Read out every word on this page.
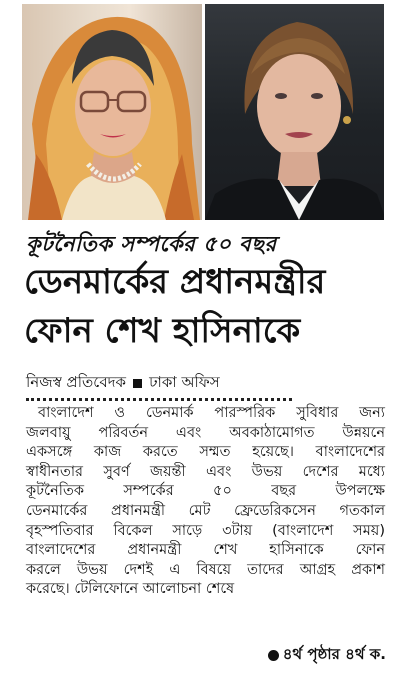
কূটনৈতিক সম্পর্কের ৫০ বছর
ডেনমার্কের প্রধানমন্ত্রীর
ফোন শেখ হাসিনাকে
নিজস্ব প্রতিবেদক ঢাকা অফিস
বাংলাদেশ ও ডেনমার্ক পারস্পরিক সুবিধার জন্য
জলবায়ু পরিবর্তন এবং অবকাঠামোগত উন্নয়নে
একসঙ্গে কাজ করতে সম্মত হয়েছে। বাংলাদেশের
স্বাধীনতার সুবর্ণ জয়ন্তী এবং উভয় দেশের মধ্যে
কূটনৈতিক সম্পর্কের ৫০ বছর উপলক্ষে
ডেনমার্কের প্রধানমন্ত্রী মেট ফ্রেডেরিকসেন গতকাল
বৃহস্পতিবার বিকেল সাড়ে ৩টায় (বাংলাদেশ সময়)
বাংলাদেশের প্রধানমন্ত্রী শেখ হাসিনাকে ফোন
করলে উভয় দেশই এ বিষয়ে তাদের আগ্রহ প্রকাশ
করেছে। টেলিফোনে আলোচনা শেষে
৪র্থ পৃষ্ঠার ৪র্থ ক.
